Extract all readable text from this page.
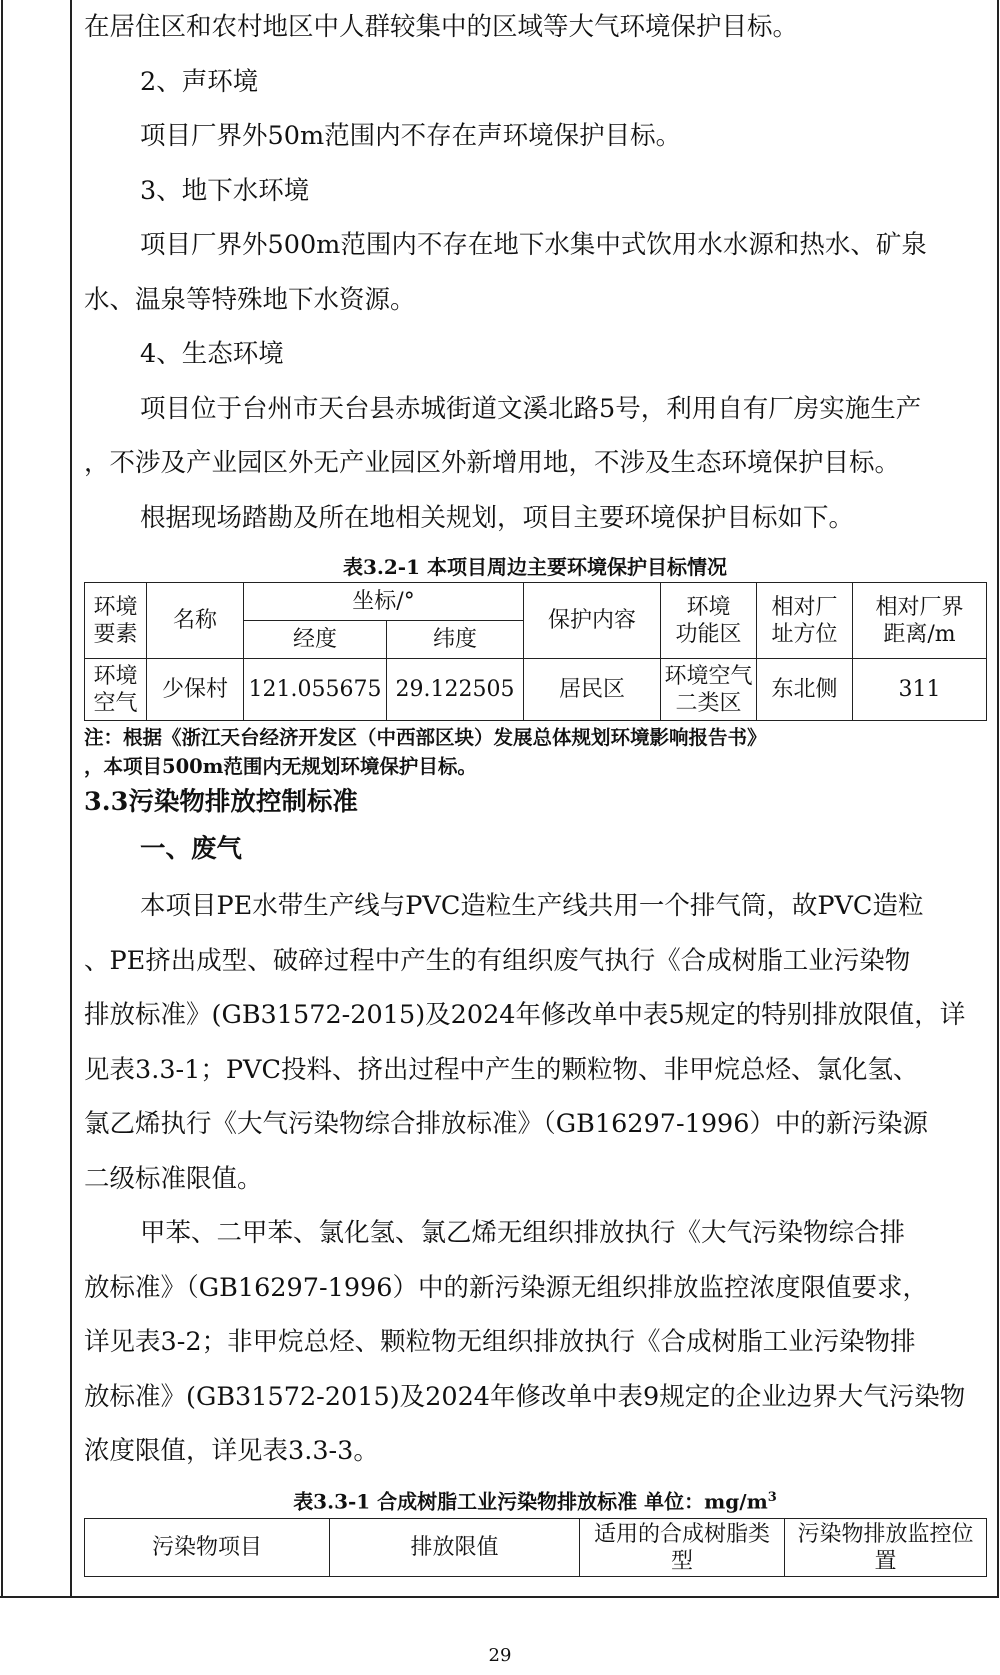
在居住区和农村地区中人群较集中的区域等大气环境保护目标。

2、声环境

项目厂界外50m范围内不存在声环境保护目标。

3、地下水环境

项目厂界外500m范围内不存在地下水集中式饮用水水源和热水、矿泉

水、温泉等特殊地下水资源。

4、生态环境

项目位于台州市天台县赤城街道文溪北路5号，利用自有厂房实施生产

，不涉及产业园区外无产业园区外新增用地，不涉及生态环境保护目标。

根据现场踏勘及所在地相关规划，项目主要环境保护目标如下。

表3.2-1 本项目周边主要环境保护目标情况

环境
要素	名称	坐标/°		保护内容	环境
功能区	相对厂
址方位	相对厂界
距离/m
		经度	纬度				
环境
空气	少保村	121.055675	29.122505	居民区	环境空气
二类区	东北侧	311

注：根据《浙江天台经济开发区（中西部区块）发展总体规划环境影响报告书》

，本项目500m范围内无规划环境保护目标。

3.3污染物排放控制标准

一、废气

本项目PE水带生产线与PVC造粒生产线共用一个排气筒，故PVC造粒

、PE挤出成型、破碎过程中产生的有组织废气执行《合成树脂工业污染物

排放标准》(GB31572-2015)及2024年修改单中表5规定的特别排放限值，详

见表3.3-1；PVC投料、挤出过程中产生的颗粒物、非甲烷总烃、氯化氢、

氯乙烯执行《大气污染物综合排放标准》（GB16297-1996）中的新污染源

二级标准限值。

甲苯、二甲苯、氯化氢、氯乙烯无组织排放执行《大气污染物综合排

放标准》（GB16297-1996）中的新污染源无组织排放监控浓度限值要求，

详见表3-2；非甲烷总烃、颗粒物无组织排放执行《合成树脂工业污染物排

放标准》(GB31572-2015)及2024年修改单中表9规定的企业边界大气污染物

浓度限值，详见表3.3-3。

表3.3-1 合成树脂工业污染物排放标准 单位：$mg/m^3$

污染物项目	排放限值	适用的合成树脂类
型	污染物排放监控位
置
29
